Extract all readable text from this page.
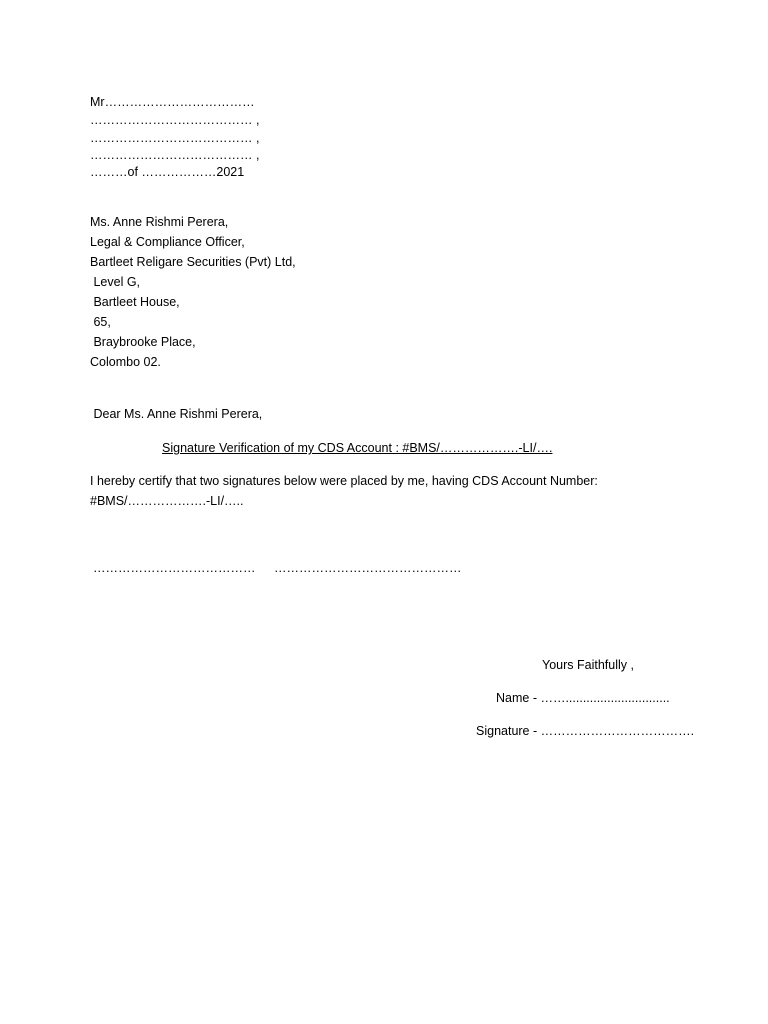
Mr………………………………
………………………………… ,
………………………………… ,
………………………………… ,
………of ………………2021
Ms. Anne Rishmi Perera,
Legal & Compliance Officer,
Bartleet Religare Securities (Pvt) Ltd,
Level G,
Bartleet House,
65,
Braybrooke Place,
Colombo 02.
Dear Ms. Anne Rishmi Perera,
Signature Verification of my CDS Account : #BMS/……………….-LI/….
I hereby certify that two signatures below were placed by me, having CDS Account Number:
#BMS/……………….-LI/…..
………………………………… ………………………………………
Yours Faithfully ,
Name - ……..............................
Signature - ……………………………….
